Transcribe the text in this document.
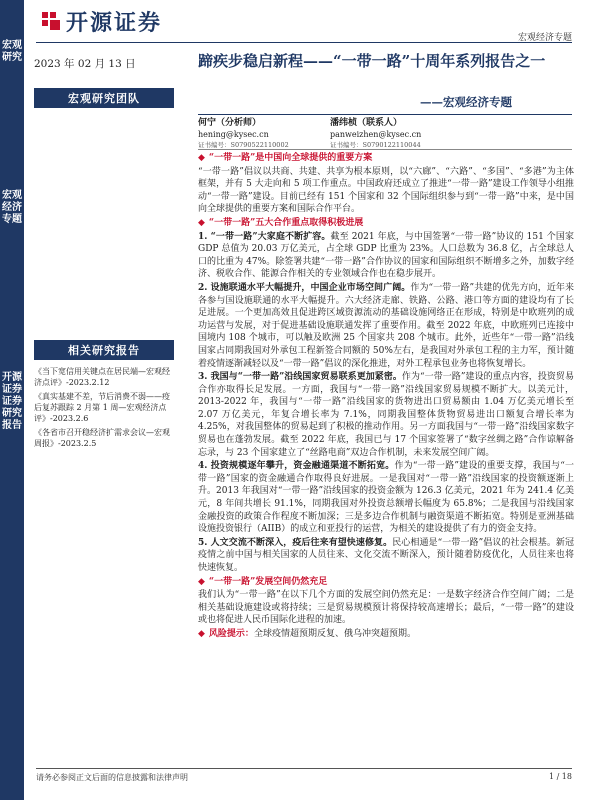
宏观研究
宏观经济专题
开源证券 证券研究报告
开源证券
宏观经济专题
2023 年 02 月 13 日
宏观研究团队
相关研究报告
《当下宽信用关键点在居民端—宏观经济点评》-2023.2.12
《真实基建不差，节后消费不弱——疫后复苏跟踪 2 月第 1 周—宏观经济点评》-2023.2.6
《各省市召开稳经济扩需求会议—宏观周报》-2023.2.5
蹄疾步稳启新程——“一带一路”十周年系列报告之一
——宏观经济专题
何宁（分析师）
hening@kysec.cn
证书编号：S0790522110002
潘纬桢（联系人）
panweizhen@kysec.cn
证书编号：S0790122110044

◆ “一带一路”是中国向全球提供的重要方案

“一带一路”倡议以共商、共建、共享为根本原则，以“六廊”、“六路”、“多国”、“多港”为主体框架，并有 5 大走向和 5 项工作重点。中国政府还成立了推进“一带一路”建设工作领导小组推动“一带一路”建设。目前已经有 151 个国家和 32 个国际组织参与到“一带一路”中来，是中国向全球提供的重要方案和国际合作平台。

◆ “一带一路”五大合作重点取得积极进展

1. “一带一路”大家庭不断扩容。截至 2021 年底，与中国签署“一带一路”协议的 151 个国家 GDP 总值为 20.03 万亿美元，占全球 GDP 比重为 23%。人口总数为 36.8 亿，占全球总人口的比重为 47%。除签署共建“一带一路”合作协议的国家和国际组织不断增多之外，加数字经济、税收合作、能源合作相关的专业领域合作也在稳步展开。

2. 设施联通水平大幅提升，中国企业市场空间广阔。作为“一带一路”共建的优先方向，近年来各参与国设施联通的水平大幅提升。六大经济走廊、铁路、公路、港口等方面的建设均有了长足进展。一个更加高效且促进跨区域资源流动的基础设施网络正在形成，特别是中欧班列的成功运营与发展，对于促进基础设施联通发挥了重要作用。截至 2022 年底，中欧班列已连接中国境内 108 个城市，可以触及欧洲 25 个国家共 208 个城市。此外，近些年“一带一路”沿线国家占同期我国对外承包工程新签合同额的 50%左右，是我国对外承包工程的主力军，预计随着疫情逐渐减轻以及“一带一路”倡议的深化推进，对外工程承包业务也将恢复增长。

3. 我国与“一带一路”沿线国家贸易联系更加紧密。作为“一带一路”建设的重点内容，投资贸易合作亦取得长足发展。一方面，我国与“一带一路”沿线国家贸易规模不断扩大。以美元计，2013-2022 年，我国与“一带一路”沿线国家的货物进出口贸易额由 1.04 万亿美元增长至 2.07 万亿美元，年复合增长率为 7.1%，同期我国整体货物贸易进出口额复合增长率为 4.25%，对我国整体的贸易起到了积极的推动作用。另一方面我国与“一带一路”沿线国家数字贸易也在蓬勃发展。截至 2022 年底，我国已与 17 个国家签署了“数字丝绸之路”合作谅解备忘录，与 23 个国家建立了“丝路电商”双边合作机制，未来发展空间广阔。

4. 投资规模逐年攀升，资金融通渠道不断拓宽。作为“一带一路”建设的重要支撑，我国与“一带一路”国家的资金融通合作取得良好进展。一是我国对“一带一路”沿线国家的投资额逐渐上升。2013 年我国对“一带一路”沿线国家的投资金额为 126.3 亿美元，2021 年为 241.4 亿美元，8 年间共增长 91.1%，同期我国对外投资总额增长幅度为 65.8%；二是我国与沿线国家金融投资的政策合作程度不断加深；三是多边合作机制与融资渠道不断拓宽。特别是亚洲基础设施投资银行（AIIB）的成立和亚投行的运营，为相关的建设提供了有力的资金支持。

5. 人文交流不断深入，疫后往来有望快速修复。民心相通是“一带一路”倡议的社会根基。新冠疫情之前中国与相关国家的人员往来、文化交流不断深入，预计随着防疫优化，人员往来也将快速恢复。

◆ “一带一路”发展空间仍然充足

我们认为“一带一路”在以下几个方面的发展空间仍然充足：一是数字经济合作空间广阔；二是相关基础设施建设或将持续；三是贸易规模预计将保持较高速增长；最后，“一带一路”的建设或也将促进人民币国际化进程的加速。

◆ 风险提示：全球疫情超预期反复、俄乌冲突超预期。

请务必参阅正文后面的信息披露和法律声明	1 / 18
